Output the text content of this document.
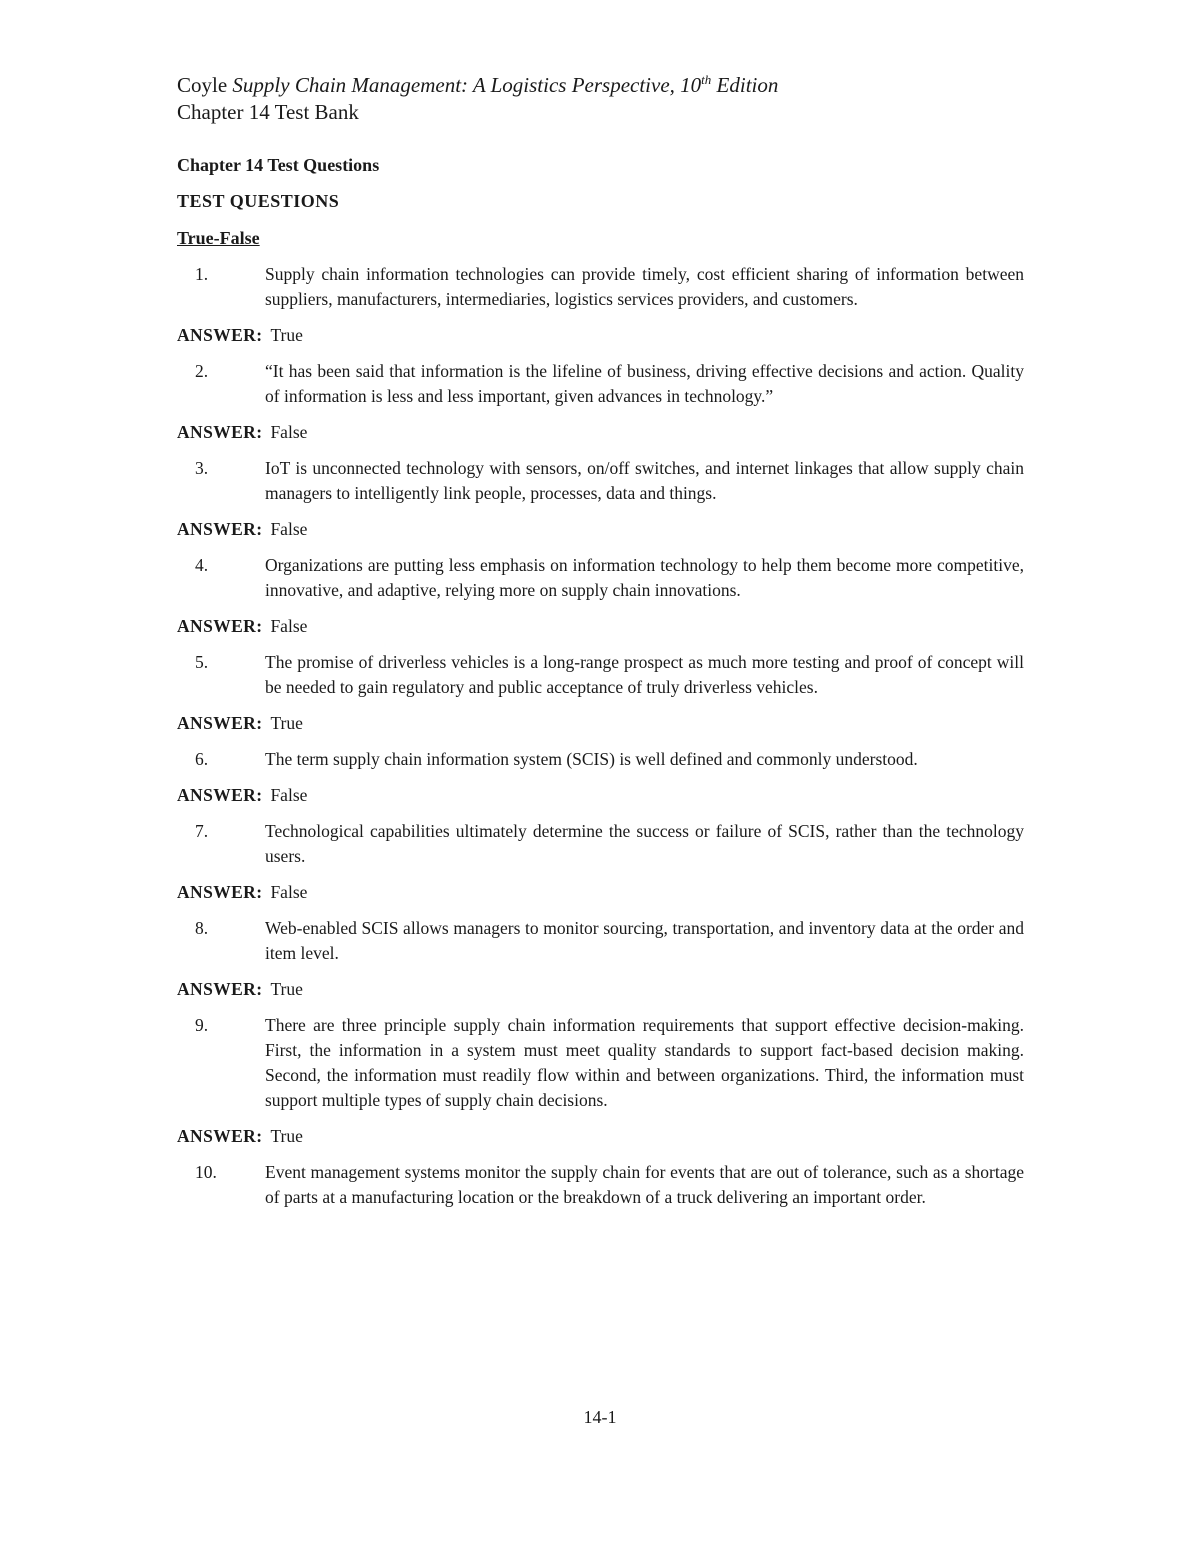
Coyle Supply Chain Management: A Logistics Perspective, 10th Edition
Chapter 14 Test Bank
Chapter 14 Test Questions
TEST QUESTIONS
True-False
1.	Supply chain information technologies can provide timely, cost efficient sharing of information between suppliers, manufacturers, intermediaries, logistics services providers, and customers.
ANSWER: True
2.	“It has been said that information is the lifeline of business, driving effective decisions and action. Quality of information is less and less important, given advances in technology.”
ANSWER: False
3.	IoT is unconnected technology with sensors, on/off switches, and internet linkages that allow supply chain managers to intelligently link people, processes, data and things.
ANSWER: False
4.	Organizations are putting less emphasis on information technology to help them become more competitive, innovative, and adaptive, relying more on supply chain innovations.
ANSWER: False
5.	The promise of driverless vehicles is a long-range prospect as much more testing and proof of concept will be needed to gain regulatory and public acceptance of truly driverless vehicles.
ANSWER: True
6.	The term supply chain information system (SCIS) is well defined and commonly understood.
ANSWER: False
7.	Technological capabilities ultimately determine the success or failure of SCIS, rather than the technology users.
ANSWER: False
8.	Web-enabled SCIS allows managers to monitor sourcing, transportation, and inventory data at the order and item level.
ANSWER: True
9.	There are three principle supply chain information requirements that support effective decision-making. First, the information in a system must meet quality standards to support fact-based decision making. Second, the information must readily flow within and between organizations. Third, the information must support multiple types of supply chain decisions.
ANSWER: True
10.	Event management systems monitor the supply chain for events that are out of tolerance, such as a shortage of parts at a manufacturing location or the breakdown of a truck delivering an important order.
14-1
